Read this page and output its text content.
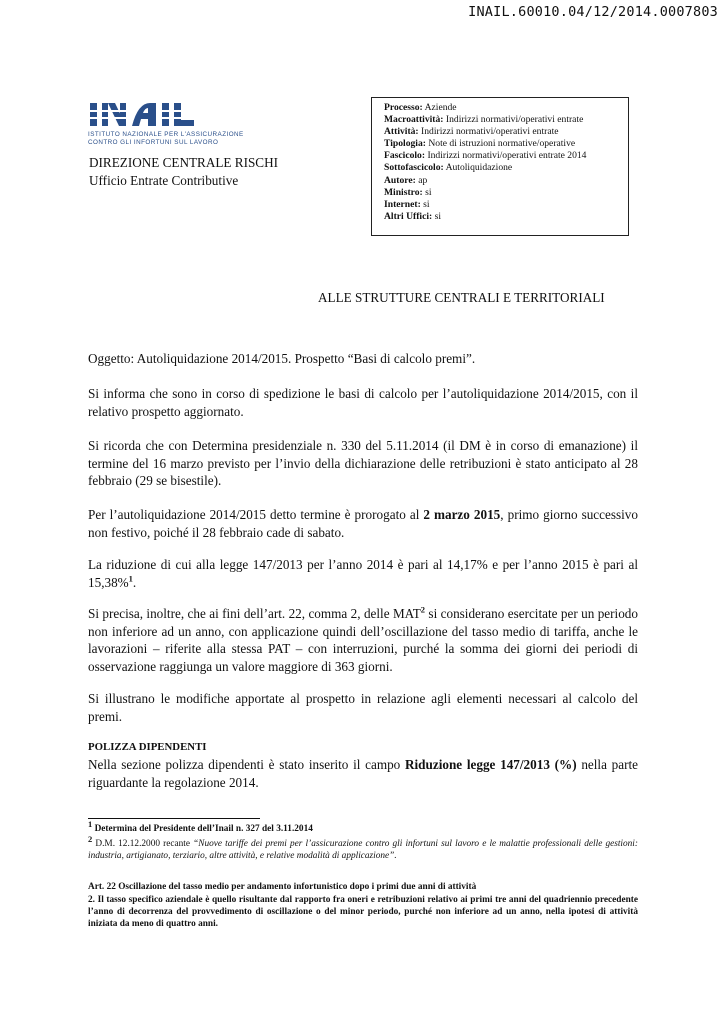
INAIL.60010.04/12/2014.0007803
ISTITUTO NAZIONALE PER L'ASSICURAZIONE
CONTRO GLI INFORTUNI SUL LAVORO
DIREZIONE CENTRALE RISCHI
Ufficio Entrate Contributive
Processo: Aziende
Macroattività: Indirizzi normativi/operativi entrate
Attività: Indirizzi normativi/operativi entrate
Tipologia: Note di istruzioni normative/operative
Fascicolo: Indirizzi normativi/operativi entrate 2014
Sottofascicolo: Autoliquidazione
Autore: ap
Ministro: si
Internet: si
Altri Uffici: si
ALLE STRUTTURE CENTRALI E TERRITORIALI
Oggetto: Autoliquidazione 2014/2015. Prospetto “Basi di calcolo premi”.
Si informa che sono in corso di spedizione le basi di calcolo per l’autoliquidazione 2014/2015, con il relativo prospetto aggiornato.
Si ricorda che con Determina presidenziale n. 330 del 5.11.2014 (il DM è in corso di emanazione) il termine del 16 marzo previsto per l’invio della dichiarazione delle retribuzioni è stato anticipato al 28 febbraio (29 se bisestile).
Per l’autoliquidazione 2014/2015 detto termine è prorogato al 2 marzo 2015, primo giorno successivo non festivo, poiché il 28 febbraio cade di sabato.
La riduzione di cui alla legge 147/2013 per l’anno 2014 è pari al 14,17% e per l’anno 2015 è pari al 15,38%$^1$.
Si precisa, inoltre, che ai fini dell’art. 22, comma 2, delle MAT$^2$ si considerano esercitate per un periodo non inferiore ad un anno, con applicazione quindi dell’oscillazione del tasso medio di tariffa, anche le lavorazioni – riferite alla stessa PAT – con interruzioni, purché la somma dei giorni dei periodi di osservazione raggiunga un valore maggiore di 363 giorni.
Si illustrano le modifiche apportate al prospetto in relazione agli elementi necessari al calcolo del premi.
POLIZZA DIPENDENTI
Nella sezione polizza dipendenti è stato inserito il campo Riduzione legge 147/2013 (%) nella parte riguardante la regolazione 2014.
$^1$ Determina del Presidente dell’Inail n. 327 del 3.11.2014
$^2$ D.M. 12.12.2000 recante “Nuove tariffe dei premi per l’assicurazione contro gli infortuni sul lavoro e le malattie professionali delle gestioni: industria, artigianato, terziario, altre attività, e relative modalità di applicazione”.
Art. 22 Oscillazione del tasso medio per andamento infortunistico dopo i primi due anni di attività
2. Il tasso specifico aziendale è quello risultante dal rapporto fra oneri e retribuzioni relativo ai primi tre anni del quadriennio precedente l’anno di decorrenza del provvedimento di oscillazione o del minor periodo, purché non inferiore ad un anno, nella ipotesi di attività iniziata da meno di quattro anni.
